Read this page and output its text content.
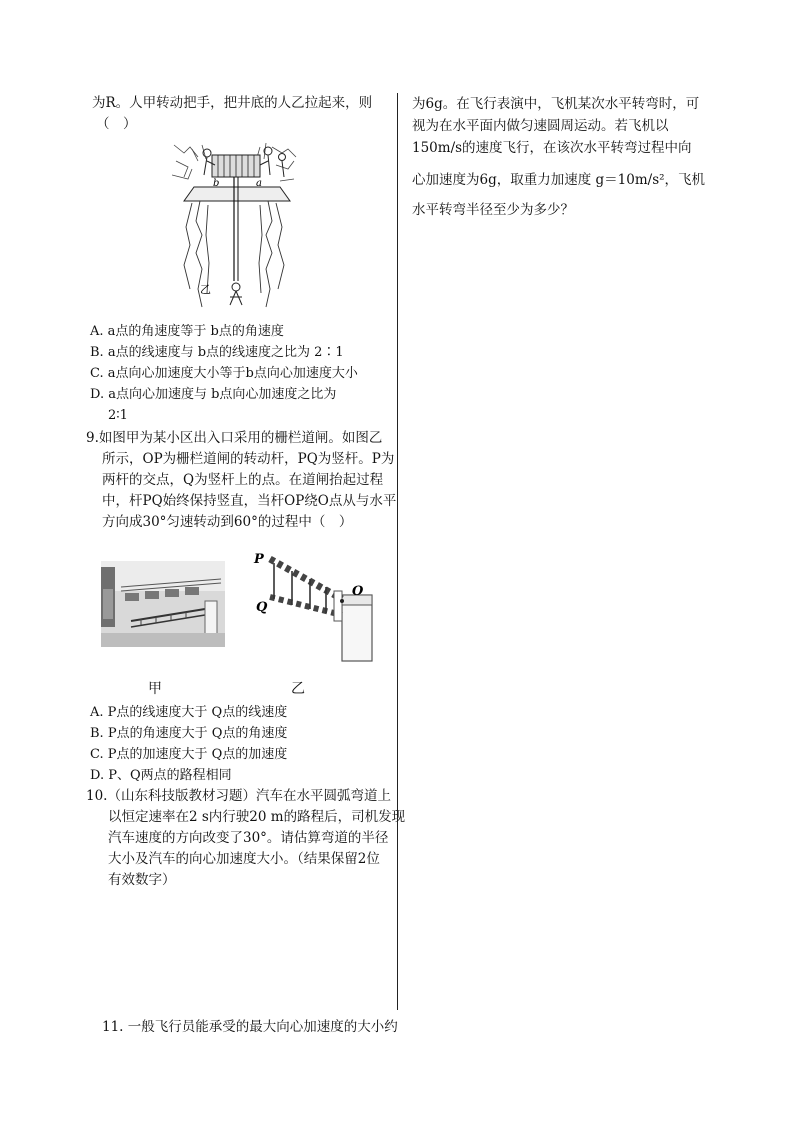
为R。人甲转动把手，把井底的人乙拉起来，则
（　）
b	a
乙
A. a点的角速度等于 b点的角速度
B. a点的线速度与 b点的线速度之比为 2∶1
C. a点向心加速度大小等于b点向心加速度大小
D. a点向心加速度与 b点向心加速度之比为
2∶1
9.如图甲为某小区出入口采用的栅栏道闸。如图乙
所示，OP为栅栏道闸的转动杆，PQ为竖杆。P为
两杆的交点，Q为竖杆上的点。在道闸抬起过程
中，杆PQ始终保持竖直，当杆OP绕O点从与水平
方向成30°匀速转动到60°的过程中（　）
P
Q
O
甲	乙
A. P点的线速度大于 Q点的线速度
B. P点的角速度大于 Q点的角速度
C. P点的加速度大于 Q点的加速度
D. P、Q两点的路程相同
10.（山东科技版教材习题）汽车在水平圆弧弯道上
以恒定速率在2 s内行驶20 m的路程后，司机发现
汽车速度的方向改变了30°。请估算弯道的半径
大小及汽车的向心加速度大小。（结果保留2位
有效数字）
11. 一般飞行员能承受的最大向心加速度的大小约
为6g。在飞行表演中，飞机某次水平转弯时，可
视为在水平面内做匀速圆周运动。若飞机以
150m/s的速度飞行，在该次水平转弯过程中向
心加速度为6g，取重力加速度 g＝10m/s²，飞机
水平转弯半径至少为多少？
